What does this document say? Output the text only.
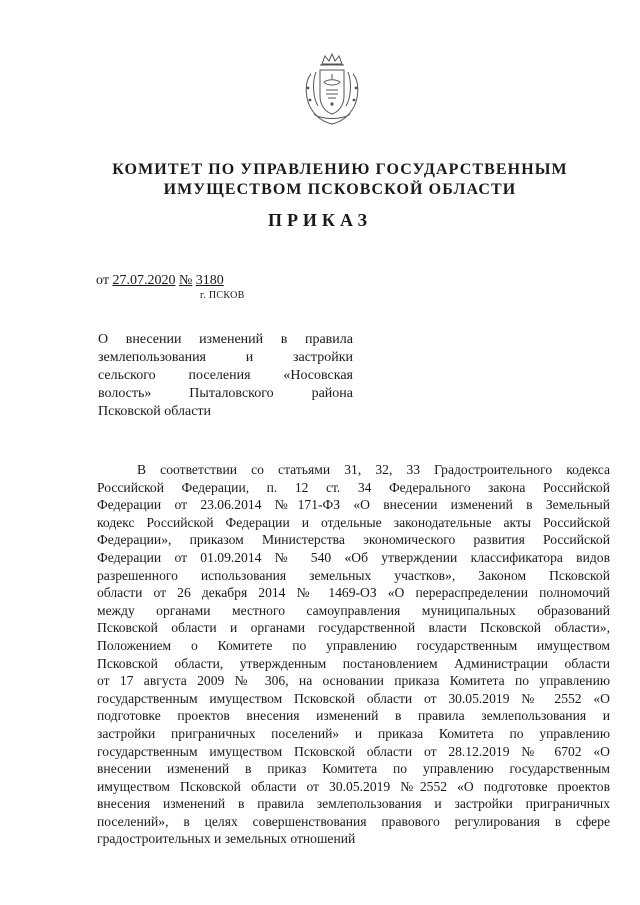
КОМИТЕТ ПО УПРАВЛЕНИЮ ГОСУДАРСТВЕННЫМ
ИМУЩЕСТВОМ ПСКОВСКОЙ ОБЛАСТИ
ПРИКАЗ
от 27.07.2020 № 3180
г. ПСКОВ
О внесении изменений в правила
землепользования и застройки
сельского поселения «Носовская
волость» Пыталовского района
Псковской области
В соответствии со статьями 31, 32, 33 Градостроительного кодекса
Российской Федерации, п. 12 ст. 34 Федерального закона Российской
Федерации от 23.06.2014 №171-ФЗ «О внесении изменений в Земельный
кодекс Российской Федерации и отдельные законодательные акты Российской
Федерации», приказом Министерства экономического развития Российской
Федерации от 01.09.2014 № 540 «Об утверждении классификатора видов
разрешенного использования земельных участков», Законом Псковской
области от 26 декабря 2014 № 1469-ОЗ «О перераспределении полномочий
между органами местного самоуправления муниципальных образований
Псковской области и органами государственной власти Псковской области»,
Положением о Комитете по управлению государственным имуществом
Псковской области, утвержденным постановлением Администрации области
от 17 августа 2009 № 306, на основании приказа Комитета по управлению
государственным имуществом Псковской области от 30.05.2019 № 2552 «О
подготовке проектов внесения изменений в правила землепользования и
застройки приграничных поселений» и приказа Комитета по управлению
государственным имуществом Псковской области от 28.12.2019 № 6702 «О
внесении изменений в приказ Комитета по управлению государственным
имуществом Псковской области от 30.05.2019 №2552 «О подготовке проектов
внесения изменений в правила землепользования и застройки приграничных
поселений», в целях совершенствования правового регулирования в сфере
градостроительных и земельных отношений
